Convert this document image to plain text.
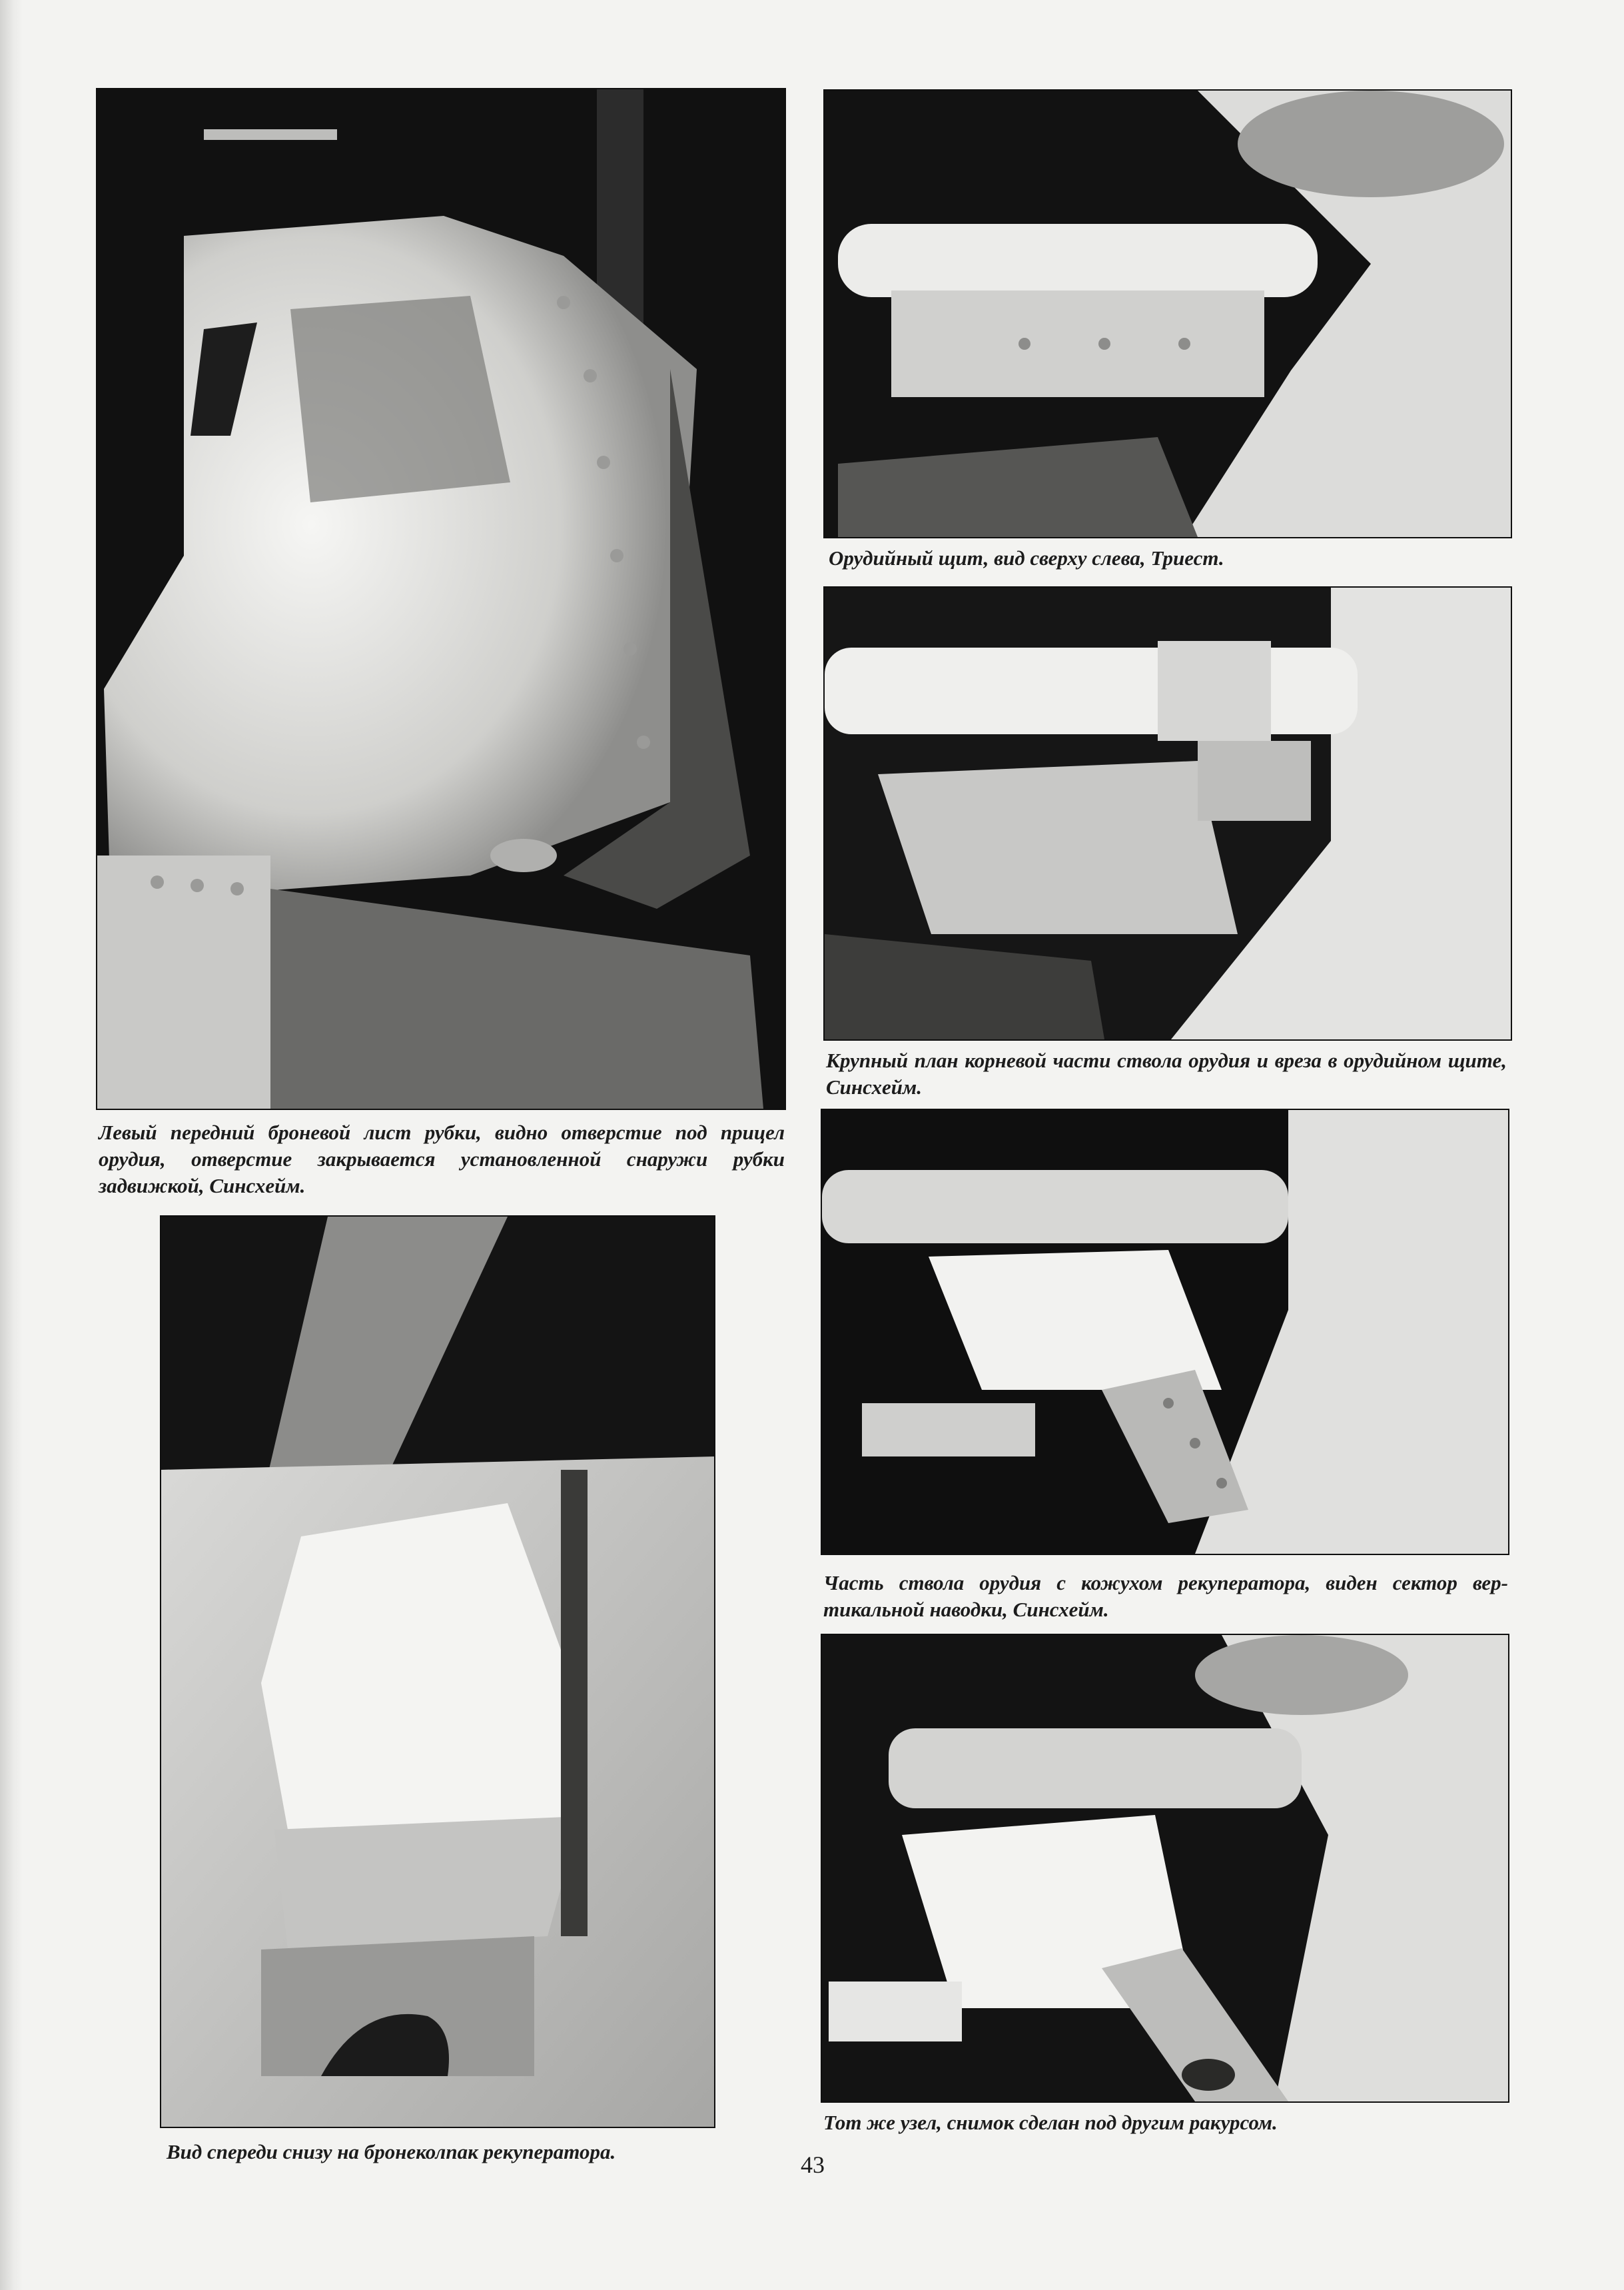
Левый передний броневой лист рубки, видно отверстие под прицел орудия, отверстие закрывается установленной снаружи рубки задвижкой, Синсхейм.

Вид спереди снизу на бронеколпак рекуператора.

Орудийный щит, вид сверху слева, Триест.

Крупный план корневой части ствола орудия и вреза в орудийном щите, Синсхейм.

Часть ствола орудия с кожухом рекуператора, виден сектор вертикальной наводки, Синсхейм.

Тот же узел, снимок сделан под другим ракурсом.

43
